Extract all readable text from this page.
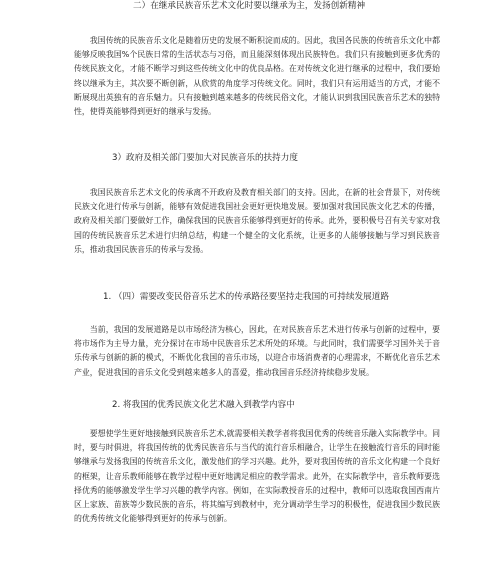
二）在继承民族音乐艺术文化时要以继承为主，发扬创新精神

我国传统的民族音乐文化是随着历史的发展不断积淀而成的。因此，我国各民族的传统音乐文化中都能够反映我国%个民族日常的生活状态与习俗，而且能深刻体现出民族特色。我们只有接触到更多优秀的传统民族文化，才能不断学习到这些传统文化中的优良品格。在对传统文化进行继承的过程中，我们要始终以继承为主，其次要不断创新，从欣赏的角度学习传统文化。同时，我们只有运用适当的方式，才能不断展现出英独有的音乐魅力。只有接触到越来越多的传统民俗文化，才能认识到我国民族音乐艺术的独特性，使得英能够得到更好的继承与发扬。

3）政府及相关部门要加大对民族音乐的扶持力度

我国民族音乐艺术文化的传承离不开政府及教育相关部门的支持。因此，在新的社会背景下，对传统民族文化进行传承与创新，能够有效促进我国社会更好更快地发展。要加强对我国民族文化艺术的传播，政府及相关部门要做好工作，确保我国的民族音乐能够得到更好的传承。此外，要积极号召有关专家对我国的传统民族音乐艺术进行归纳总结，构建一个健全的文化系统，让更多的人能够接触与学习到民族音乐，推动我国民族音乐的传承与发扬。

1. （四）需要改变民俗音乐艺术的传承路径要坚持走我国的可持续发展道路

当前，我国的发展道路是以市场经济为核心，因此，在对民族音乐艺术进行传承与创新的过程中，要将市场作为主导力量，充分探讨在市场中民族音乐艺术所处的环境。与此同时，我们需要学习国外关于音乐传承与创新的新的模式，不断优化我国的音乐市场，以迎合市场消费者的心理需求，不断优化音乐艺术产业，促进我国的音乐文化受到越来越多人的喜爱，推动我国音乐经济持续稳步发展。

2. 将我国的优秀民族文化艺术融入到教学内容中

要想使学生更好地接触到民族音乐艺术,就需要相关教学者将我国优秀的传统音乐融入实际教学中。同时，要与时俱进，将我国传统的优秀民族音乐与当代的流行音乐相融合，让学生在接触流行音乐的同时能够继承与发扬我国的传统音乐文化，激发他们的学习兴趣。此外，要对我国传统的音乐文化构建一个良好的框架，让音乐教师能够在教学过程中更好地满足相应的教学需求。此外，在实际教学中，音乐教师要选择优秀的能够激发学生学习兴趣的教学内容。例如，在实际教授音乐的过程中，教师可以选取我国西南片区上家族、苗族等少数民族的音乐，将其编写到教材中，充分调动学生学习的积极性，促进我国少数民族的优秀传统文化能够得到更好的传承与创新。
